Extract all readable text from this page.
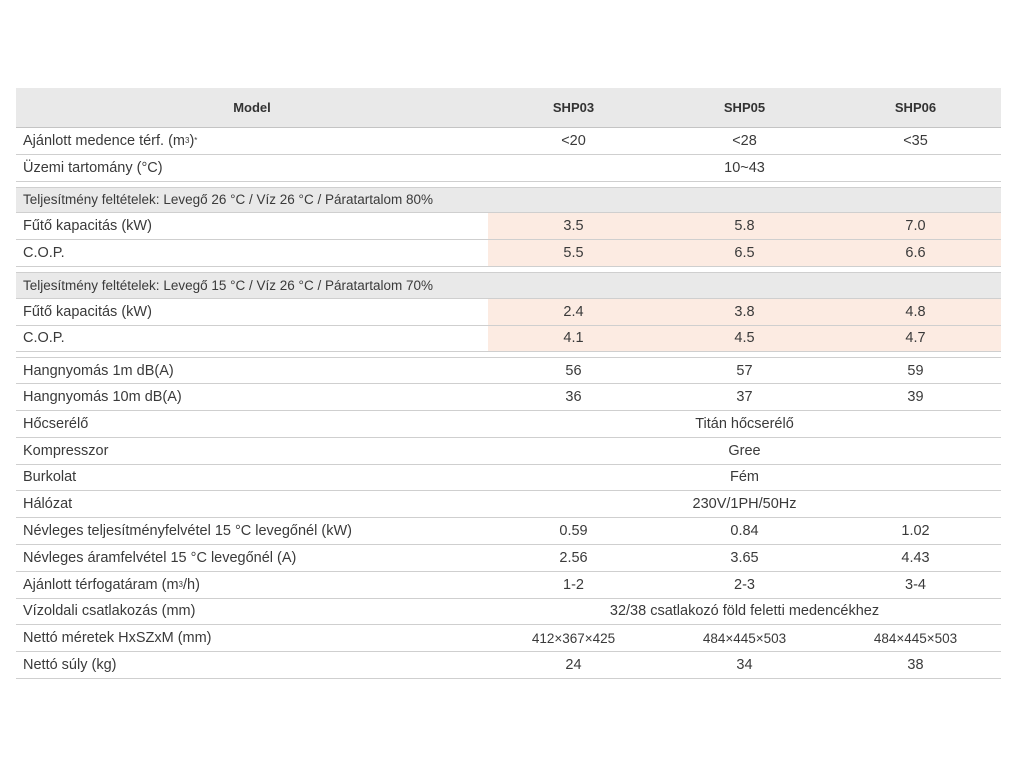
Model	SHP03	SHP05	SHP06
Ajánlott medence térf. (m 3 ) *	<20	<28	<35
Üzemi tartomány (°C)	10~43
Teljesítmény feltételek: Levegő 26 °C / Víz 26 °C / Páratartalom 80%
Fűtő kapacitás (kW)	3.5	5.8	7.0
C.O.P.	5.5	6.5	6.6
Teljesítmény feltételek: Levegő 15 °C / Víz 26 °C / Páratartalom 70%
Fűtő kapacitás (kW)	2.4	3.8	4.8
C.O.P.	4.1	4.5	4.7
Hangnyomás 1m dB(A)	56	57	59
Hangnyomás 10m dB(A)	36	37	39
Hőcserélő	Titán hőcserélő
Kompresszor	Gree
Burkolat	Fém
Hálózat	230V/1PH/50Hz
Névleges teljesítményfelvétel 15 °C levegőnél (kW)	0.59	0.84	1.02
Névleges áramfelvétel 15 °C levegőnél (A)	2.56	3.65	4.43
Ajánlott térfogatáram (m 3 /h)	1-2	2-3	3-4
Vízoldali csatlakozás (mm)	32/38 csatlakozó föld feletti medencékhez
Nettó méretek HxSZxM (mm)	412×367×425	484×445×503	484×445×503
Nettó súly (kg)	24	34	38
